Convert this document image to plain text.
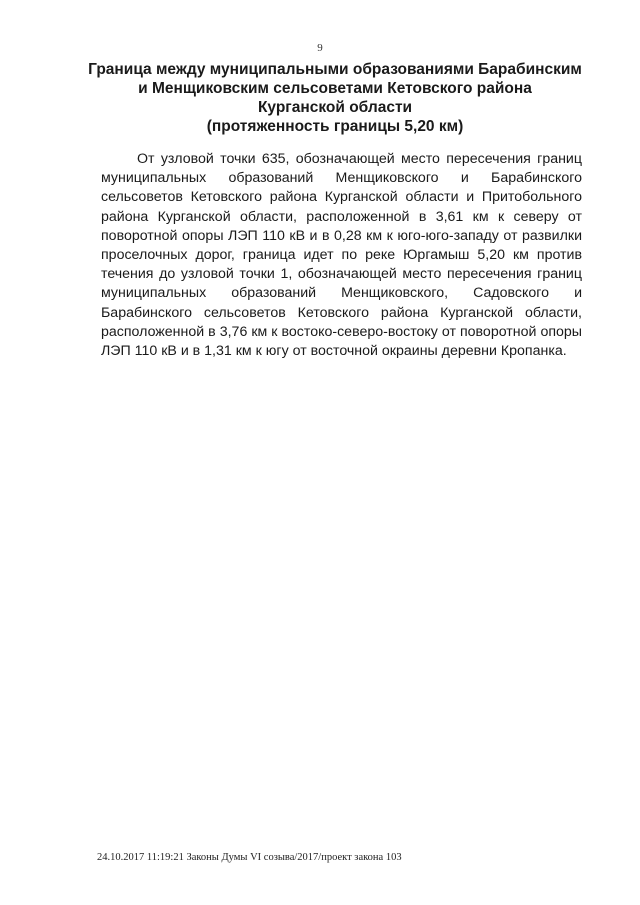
9
Граница между муниципальными образованиями Барабинским
и Менщиковским сельсоветами Кетовского района
Курганской области
(протяженность границы 5,20 км)

От узловой точки 635, обозначающей место пересечения границ муниципальных образований Менщиковского и Барабинского сельсоветов Кетовского района Курганской области и Притобольного района Курганской области, расположенной в 3,61 км к северу от поворотной опоры ЛЭП 110 кВ и в 0,28 км к юго-юго-западу от развилки проселочных дорог, граница идет по реке Юргамыш 5,20 км против течения до узловой точки 1, обозначающей место пересечения границ муниципальных образований Менщиковского, Садовского и Барабинского сельсоветов Кетовского района Курганской области, расположенной в 3,76 км к востоко-северо-востоку от поворотной опоры ЛЭП 110 кВ и в 1,31 км к югу от восточной окраины деревни Кропанка.

24.10.2017 11:19:21 Законы Думы VI созыва/2017/проект закона 103
